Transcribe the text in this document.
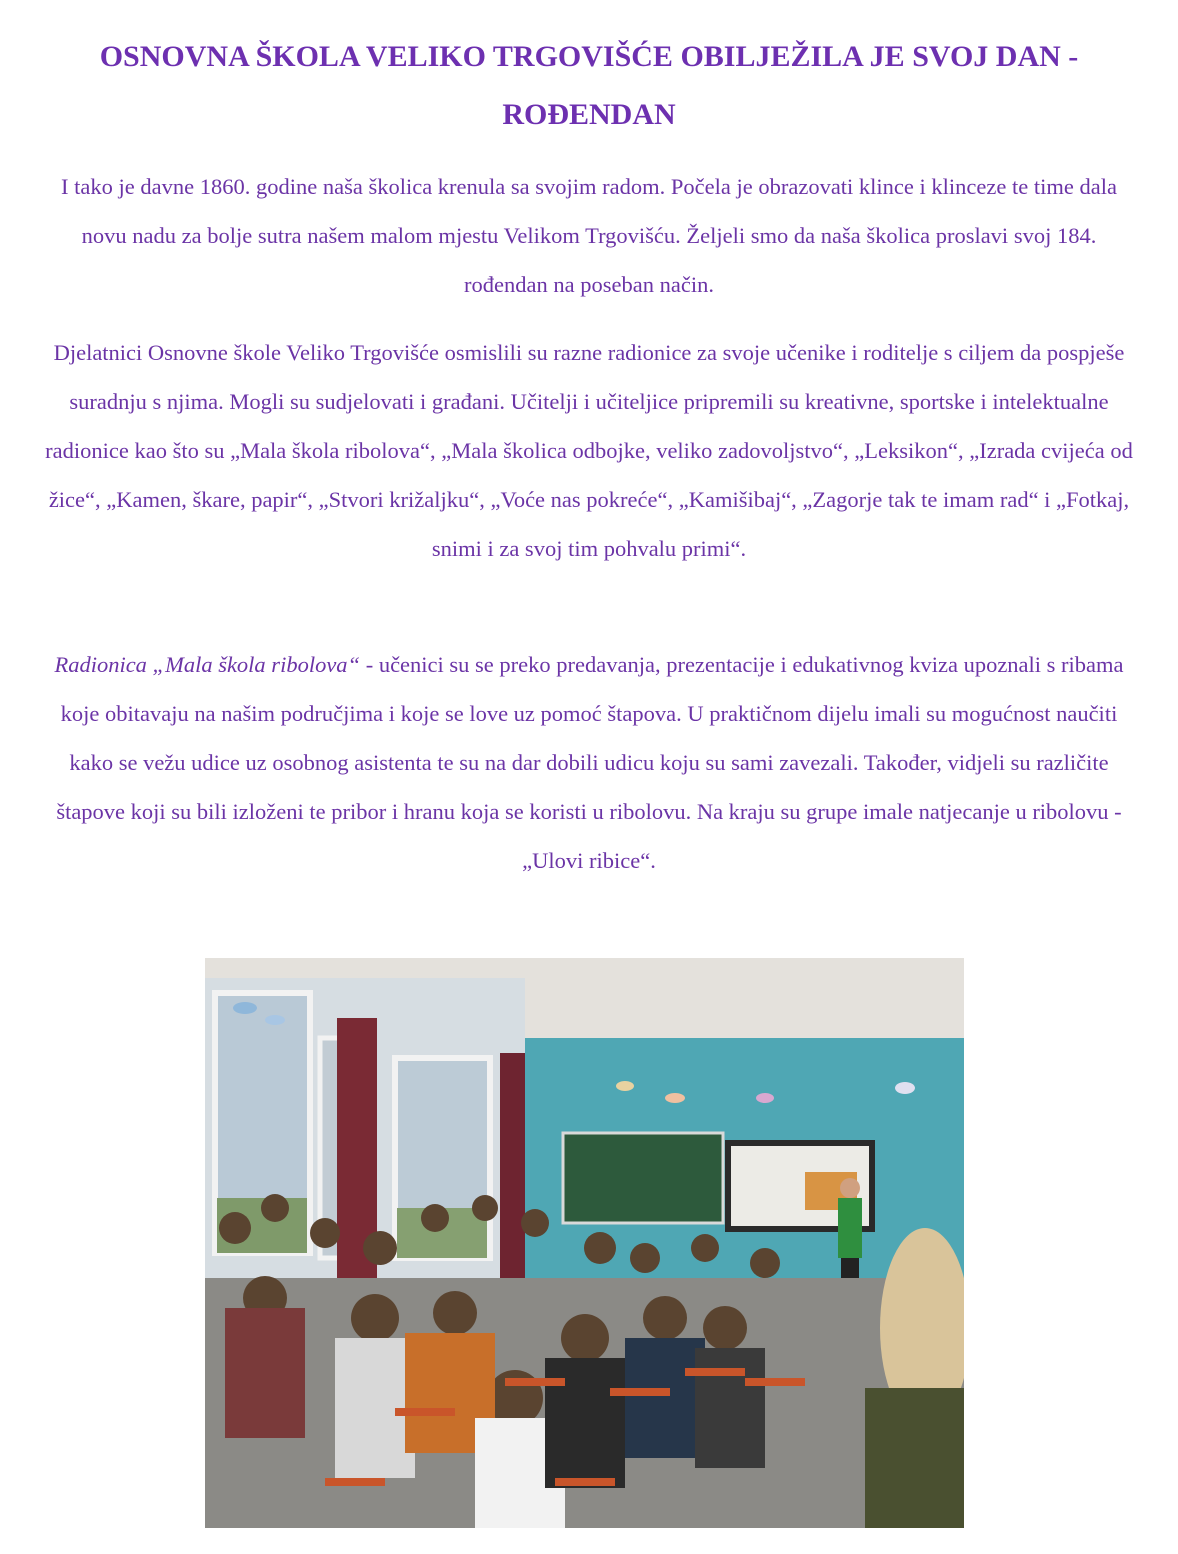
OSNOVNA ŠKOLA VELIKO TRGOVIŠĆE OBILJEŽILA JE SVOJ DAN - ROĐENDAN

I tako je davne 1860. godine naša školica krenula sa svojim radom. Počela je obrazovati klince i klinceze te time dala novu nadu za bolje sutra našem malom mjestu Velikom Trgovišću. Željeli smo da naša školica proslavi svoj 184. rođendan na poseban način.

Djelatnici Osnovne škole Veliko Trgovišće osmislili su razne radionice za svoje učenike i roditelje s ciljem da pospješe suradnju s njima. Mogli su sudjelovati i građani. Učitelji i učiteljice pripremili su kreativne, sportske i intelektualne radionice kao što su „Mala škola ribolova“, „Mala školica odbojke, veliko zadovoljstvo“, „Leksikon“, „Izrada cvijeća od žice“, „Kamen, škare, papir“, „Stvori križaljku“, „Voće nas pokreće“, „Kamišibaj“, „Zagorje tak te imam rad“ i „Fotkaj, snimi i za svoj tim pohvalu primi“.

Radionica „Mala škola ribolova“ - učenici su se preko predavanja, prezentacije i edukativnog kviza upoznali s ribama koje obitavaju na našim područjima i koje se love uz pomoć štapova. U praktičnom dijelu imali su mogućnost naučiti kako se vežu udice uz osobnog asistenta te su na dar dobili udicu koju su sami zavezali. Također, vidjeli su različite štapove koji su bili izloženi te pribor i hranu koja se koristi u ribolovu. Na kraju su grupe imale natjecanje u ribolovu - „Ulovi ribice“.
